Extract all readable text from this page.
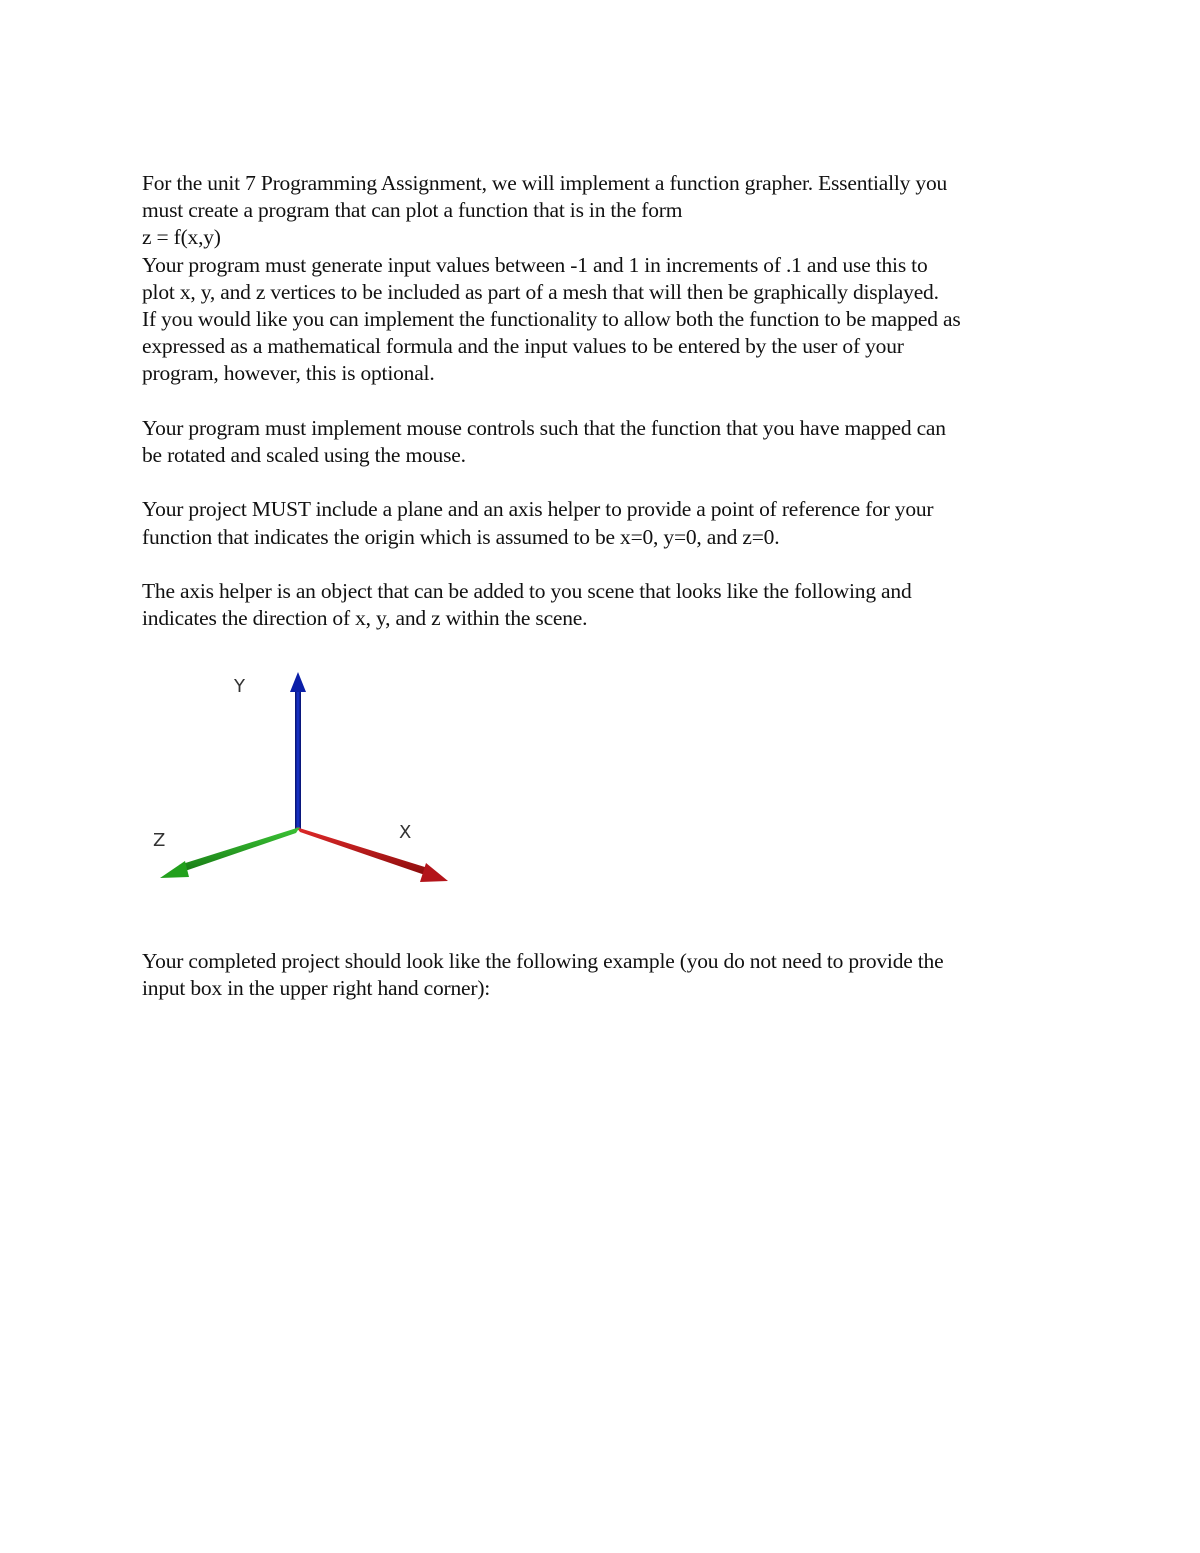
For the unit 7 Programming Assignment, we will implement a function grapher. Essentially you
must create a program that can plot a function that is in the form
z = f(x,y)
Your program must generate input values between -1 and 1 in increments of .1 and use this to
plot x, y, and z vertices to be included as part of a mesh that will then be graphically displayed.
If you would like you can implement the functionality to allow both the function to be mapped as
expressed as a mathematical formula and the input values to be entered by the user of your
program, however, this is optional.
Your program must implement mouse controls such that the function that you have mapped can
be rotated and scaled using the mouse.
Your project MUST include a plane and an axis helper to provide a point of reference for your
function that indicates the origin which is assumed to be x=0, y=0, and z=0.
The axis helper is an object that can be added to you scene that looks like the following and
indicates the direction of x, y, and z within the scene.
Y
X
Z
Your completed project should look like the following example (you do not need to provide the
input box in the upper right hand corner):
